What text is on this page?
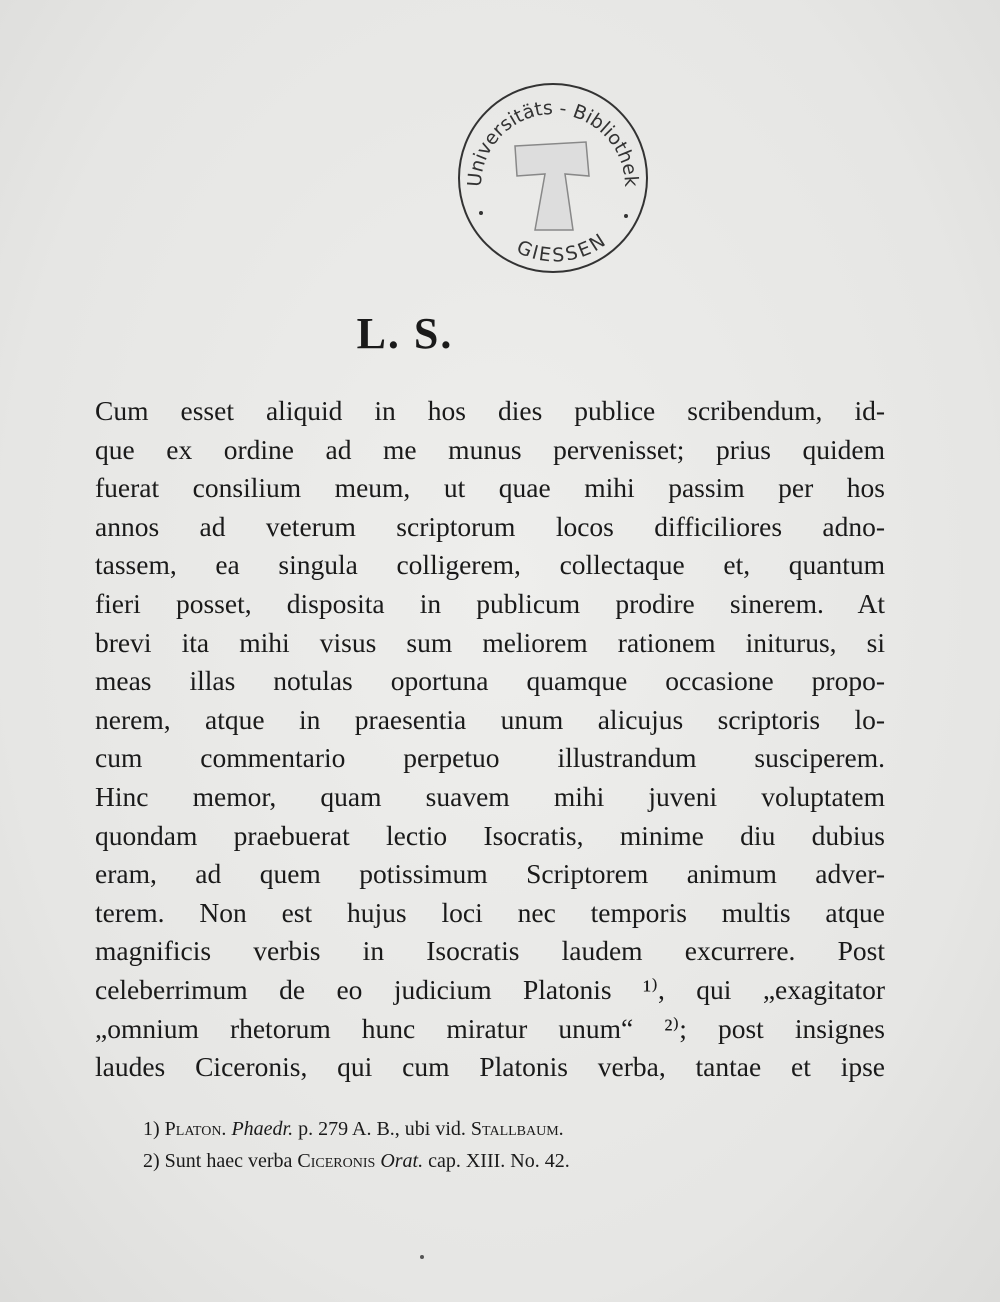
Universitäts - Bibliothek
GIESSEN
L. S.
Cum esset aliquid in hos dies publice scribendum, id-
que ex ordine ad me munus pervenisset; prius quidem
fuerat consilium meum, ut quae mihi passim per hos
annos ad veterum scriptorum locos difficiliores adno-
tassem, ea singula colligerem, collectaque et, quantum
fieri posset, disposita in publicum prodire sinerem. At
brevi ita mihi visus sum meliorem rationem initurus, si
meas illas notulas oportuna quamque occasione propo-
nerem, atque in praesentia unum alicujus scriptoris lo-
cum commentario perpetuo illustrandum susciperem.
Hinc memor, quam suavem mihi juveni voluptatem
quondam praebuerat lectio Isocratis, minime diu dubius
eram, ad quem potissimum Scriptorem animum adver-
terem. Non est hujus loci nec temporis multis atque
magnificis verbis in Isocratis laudem excurrere. Post
celeberrimum de eo judicium Platonis ¹⁾, qui „exagitator
„omnium rhetorum hunc miratur unum“ ²⁾; post insignes
laudes Ciceronis, qui cum Platonis verba, tantae et ipse
1) Platon. Phaedr. p. 279 A. B., ubi vid. Stallbaum.
2) Sunt haec verba Ciceronis Orat. cap. XIII. No. 42.
